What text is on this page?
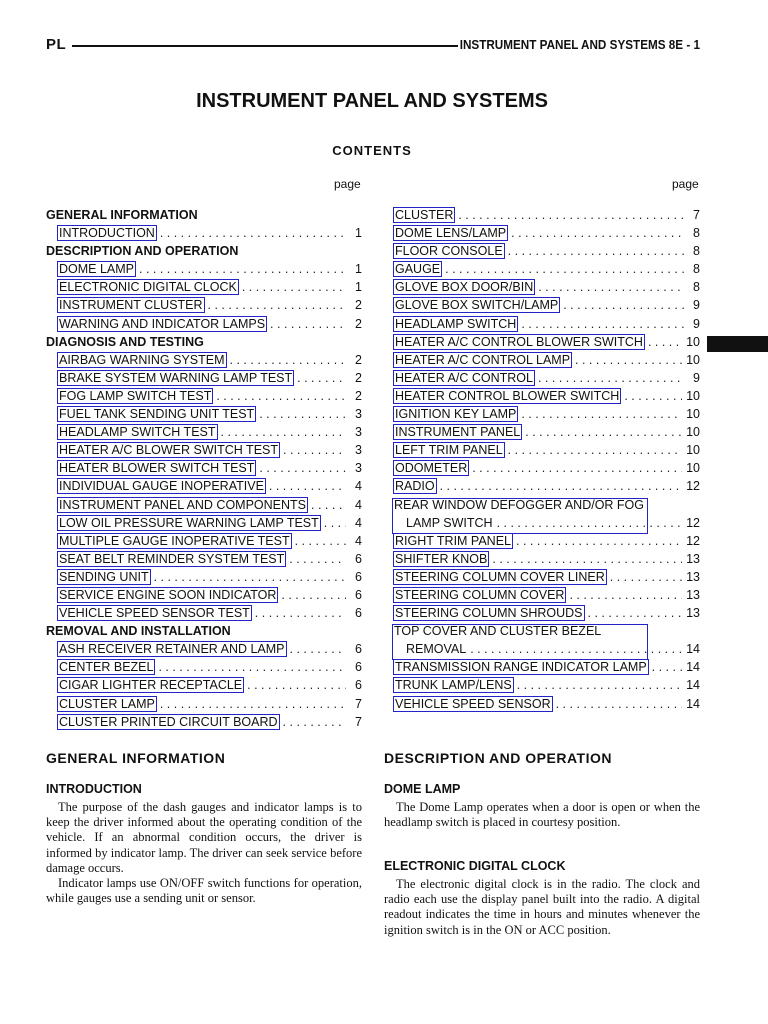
PL	INSTRUMENT PANEL AND SYSTEMS 8E - 1
INSTRUMENT PANEL AND SYSTEMS
CONTENTS
page	page
GENERAL INFORMATION
INTRODUCTION . . .	1
DESCRIPTION AND OPERATION
DOME LAMP . . .	1
ELECTRONIC DIGITAL CLOCK . . .	1
INSTRUMENT CLUSTER . . .	2
WARNING AND INDICATOR LAMPS . . .	2
DIAGNOSIS AND TESTING
AIRBAG WARNING SYSTEM . . .	2
BRAKE SYSTEM WARNING LAMP TEST . . .	2
FOG LAMP SWITCH TEST . . .	2
FUEL TANK SENDING UNIT TEST . . .	3
HEADLAMP SWITCH TEST . . .	3
HEATER A/C BLOWER SWITCH TEST . . .	3
HEATER BLOWER SWITCH TEST . . .	3
INDIVIDUAL GAUGE INOPERATIVE . . .	4
INSTRUMENT PANEL AND COMPONENTS . . .	4
LOW OIL PRESSURE WARNING LAMP TEST . . .	4
MULTIPLE GAUGE INOPERATIVE TEST . . .	4
SEAT BELT REMINDER SYSTEM TEST . . .	6
SENDING UNIT . . .	6
SERVICE ENGINE SOON INDICATOR . . .	6
VEHICLE SPEED SENSOR TEST . . .	6
REMOVAL AND INSTALLATION
ASH RECEIVER RETAINER AND LAMP . . .	6
CENTER BEZEL . . .	6
CIGAR LIGHTER RECEPTACLE . . .	6
CLUSTER LAMP . . .	7
CLUSTER PRINTED CIRCUIT BOARD . . .	7
CLUSTER . . .	7
DOME LENS/LAMP . . .	8
FLOOR CONSOLE . . .	8
GAUGE . . .	8
GLOVE BOX DOOR/BIN . . .	8
GLOVE BOX SWITCH/LAMP . . .	9
HEADLAMP SWITCH . . .	9
HEATER A/C CONTROL BLOWER SWITCH . . .	10
HEATER A/C CONTROL LAMP . . .	10
HEATER A/C CONTROL . . .	9
HEATER CONTROL BLOWER SWITCH . . .	10
IGNITION KEY LAMP . . .	10
INSTRUMENT PANEL . . .	10
LEFT TRIM PANEL . . .	10
ODOMETER . . .	10
RADIO . . .	12
REAR WINDOW DEFOGGER AND/OR FOG
LAMP SWITCH . . .	12
RIGHT TRIM PANEL . . .	12
SHIFTER KNOB . . .	13
STEERING COLUMN COVER LINER . . .	13
STEERING COLUMN COVER . . .	13
STEERING COLUMN SHROUDS . . .	13
TOP COVER AND CLUSTER BEZEL
REMOVAL . . .	14
TRANSMISSION RANGE INDICATOR LAMP . . .	14
TRUNK LAMP/LENS . . .	14
VEHICLE SPEED SENSOR . . .	14
GENERAL INFORMATION
INTRODUCTION

The purpose of the dash gauges and indicator lamps is to keep the driver informed about the operating condition of the vehicle. If an abnormal condition occurs, the driver is informed by indicator lamp. The driver can seek service before damage occurs.

Indicator lamps use ON/OFF switch functions for operation, while gauges use a sending unit or sensor.

DESCRIPTION AND OPERATION
DOME LAMP

The Dome Lamp operates when a door is open or when the headlamp switch is placed in courtesy position.

ELECTRONIC DIGITAL CLOCK

The electronic digital clock is in the radio. The clock and radio each use the display panel built into the radio. A digital readout indicates the time in hours and minutes whenever the ignition switch is in the ON or ACC position.
